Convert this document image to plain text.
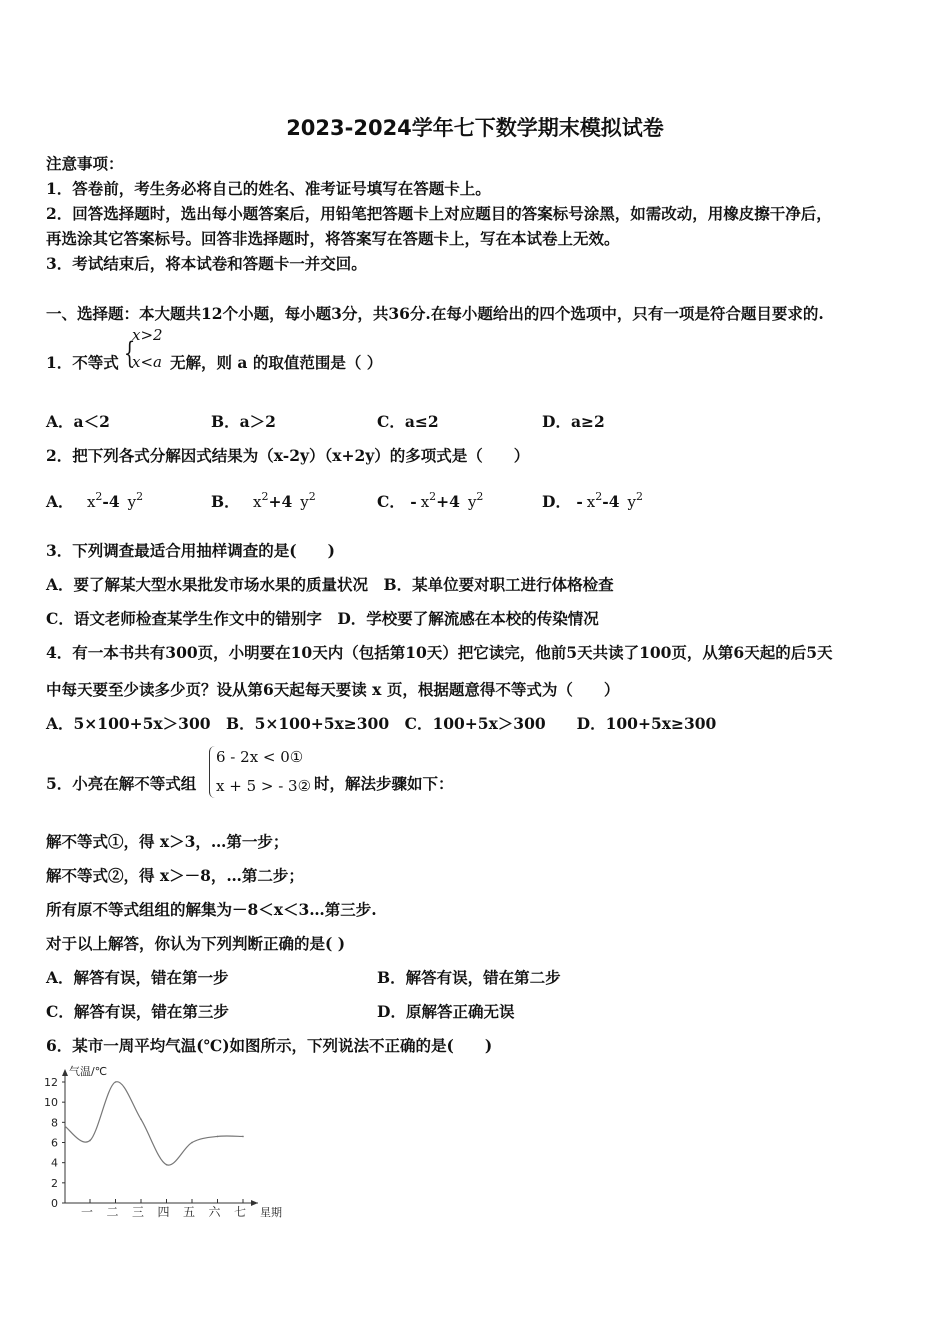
2023-2024学年七下数学期末模拟试卷
注意事项：
1．答卷前，考生务必将自己的姓名、准考证号填写在答题卡上。
2．回答选择题时，选出每小题答案后，用铅笔把答题卡上对应题目的答案标号涂黑，如需改动，用橡皮擦干净后，
再选涂其它答案标号。回答非选择题时，将答案写在答题卡上，写在本试卷上无效。
3．考试结束后，将本试卷和答题卡一并交回。
一、选择题：本大题共12个小题，每小题3分，共36分.在每小题给出的四个选项中，只有一项是符合题目要求的.
1．不等式 {
x>2
x<a 无解，则 a 的取值范围是（ ）
A．a＜2	B．a＞2	C．a≤2	D．a≥2
2．把下列各式分解因式结果为（x-2y）（x+2y）的多项式是（　　）
A． $x^2-4$ $y^2$	B． $x^2+4$ $y^2$	C． - $x^2+4$ $y^2$	D． - $x^2-4$ $y^2$
3．下列调查最适合用抽样调查的是(　　)
A．要了解某大型水果批发市场水果的质量状况　B．某单位要对职工进行体格检查
C．语文老师检查某学生作文中的错别字　D．学校要了解流感在本校的传染情况
4．有一本书共有300页，小明要在10天内（包括第10天）把它读完，他前5天共读了100页，从第6天起的后5天
中每天要至少读多少页？设从第6天起每天要读 x 页，根据题意得不等式为（　　）
A．5×100+5x＞300　B．5×100+5x≥300　C．100+5x＞300　　D．100+5x≥300
5．小亮在解不等式组
6 - 2x < 0①
x + 5 > - 3② 时，解法步骤如下：
解不等式①，得 x＞3，…第一步；
解不等式②，得 x＞－8，…第二步；
所有原不等式组组的解集为－8＜x＜3…第三步.
对于以上解答，你认为下列判断正确的是( )
A．解答有误，错在第一步	B．解答有误，错在第二步
C．解答有误，错在第三步	D．原解答正确无误
6．某市一周平均气温(℃)如图所示，下列说法不正确的是(　　)
气温/℃
星期
0
2
4
6
8
10
12
一 二 三 四 五 六 七
